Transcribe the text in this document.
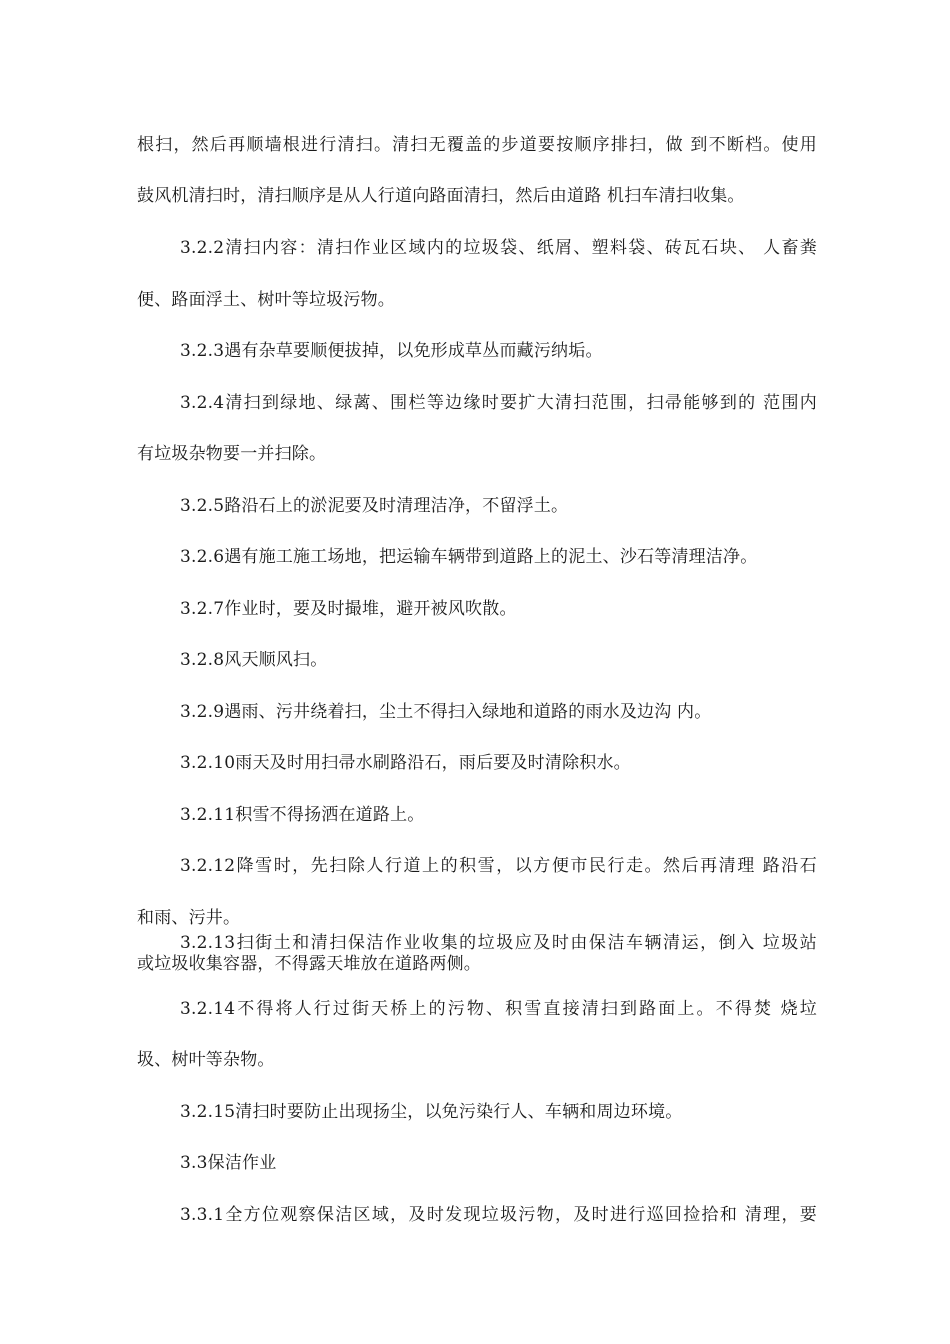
根扫，然后再顺墙根进行清扫。清扫无覆盖的步道要按顺序排扫，做 到不断档。使用
鼓风机清扫时，清扫顺序是从人行道向路面清扫，然后由道路 机扫车清扫收集。
3.2.2清扫内容：清扫作业区域内的垃圾袋、纸屑、塑料袋、砖瓦石块、 人畜粪
便、路面浮土、树叶等垃圾污物。
3.2.3遇有杂草要顺便拔掉，以免形成草丛而藏污纳垢。
3.2.4清扫到绿地、绿蓠、围栏等边缘时要扩大清扫范围，扫帚能够到的 范围内
有垃圾杂物要一并扫除。
3.2.5路沿石上的淤泥要及时清理洁净，不留浮土。
3.2.6遇有施工施工场地，把运输车辆带到道路上的泥土、沙石等清理洁净。
3.2.7作业时，要及时撮堆，避开被风吹散。
3.2.8风天顺风扫。
3.2.9遇雨、污井绕着扫，尘土不得扫入绿地和道路的雨水及边沟 内。
3.2.10雨天及时用扫帚水刷路沿石，雨后要及时清除积水。
3.2.11积雪不得扬洒在道路上。
3.2.12降雪时，先扫除人行道上的积雪，以方便市民行走。然后再清理 路沿石
和雨、污井。
3.2.13扫街土和清扫保洁作业收集的垃圾应及时由保洁车辆清运，倒入 垃圾站
或垃圾收集容器，不得露天堆放在道路两侧。
3.2.14不得将人行过街天桥上的污物、积雪直接清扫到路面上。不得焚 烧垃
圾、树叶等杂物。
3.2.15清扫时要防止出现扬尘，以免污染行人、车辆和周边环境。
3.3保洁作业
3.3.1全方位观察保洁区域，及时发现垃圾污物，及时进行巡回捡拾和 清理，要
